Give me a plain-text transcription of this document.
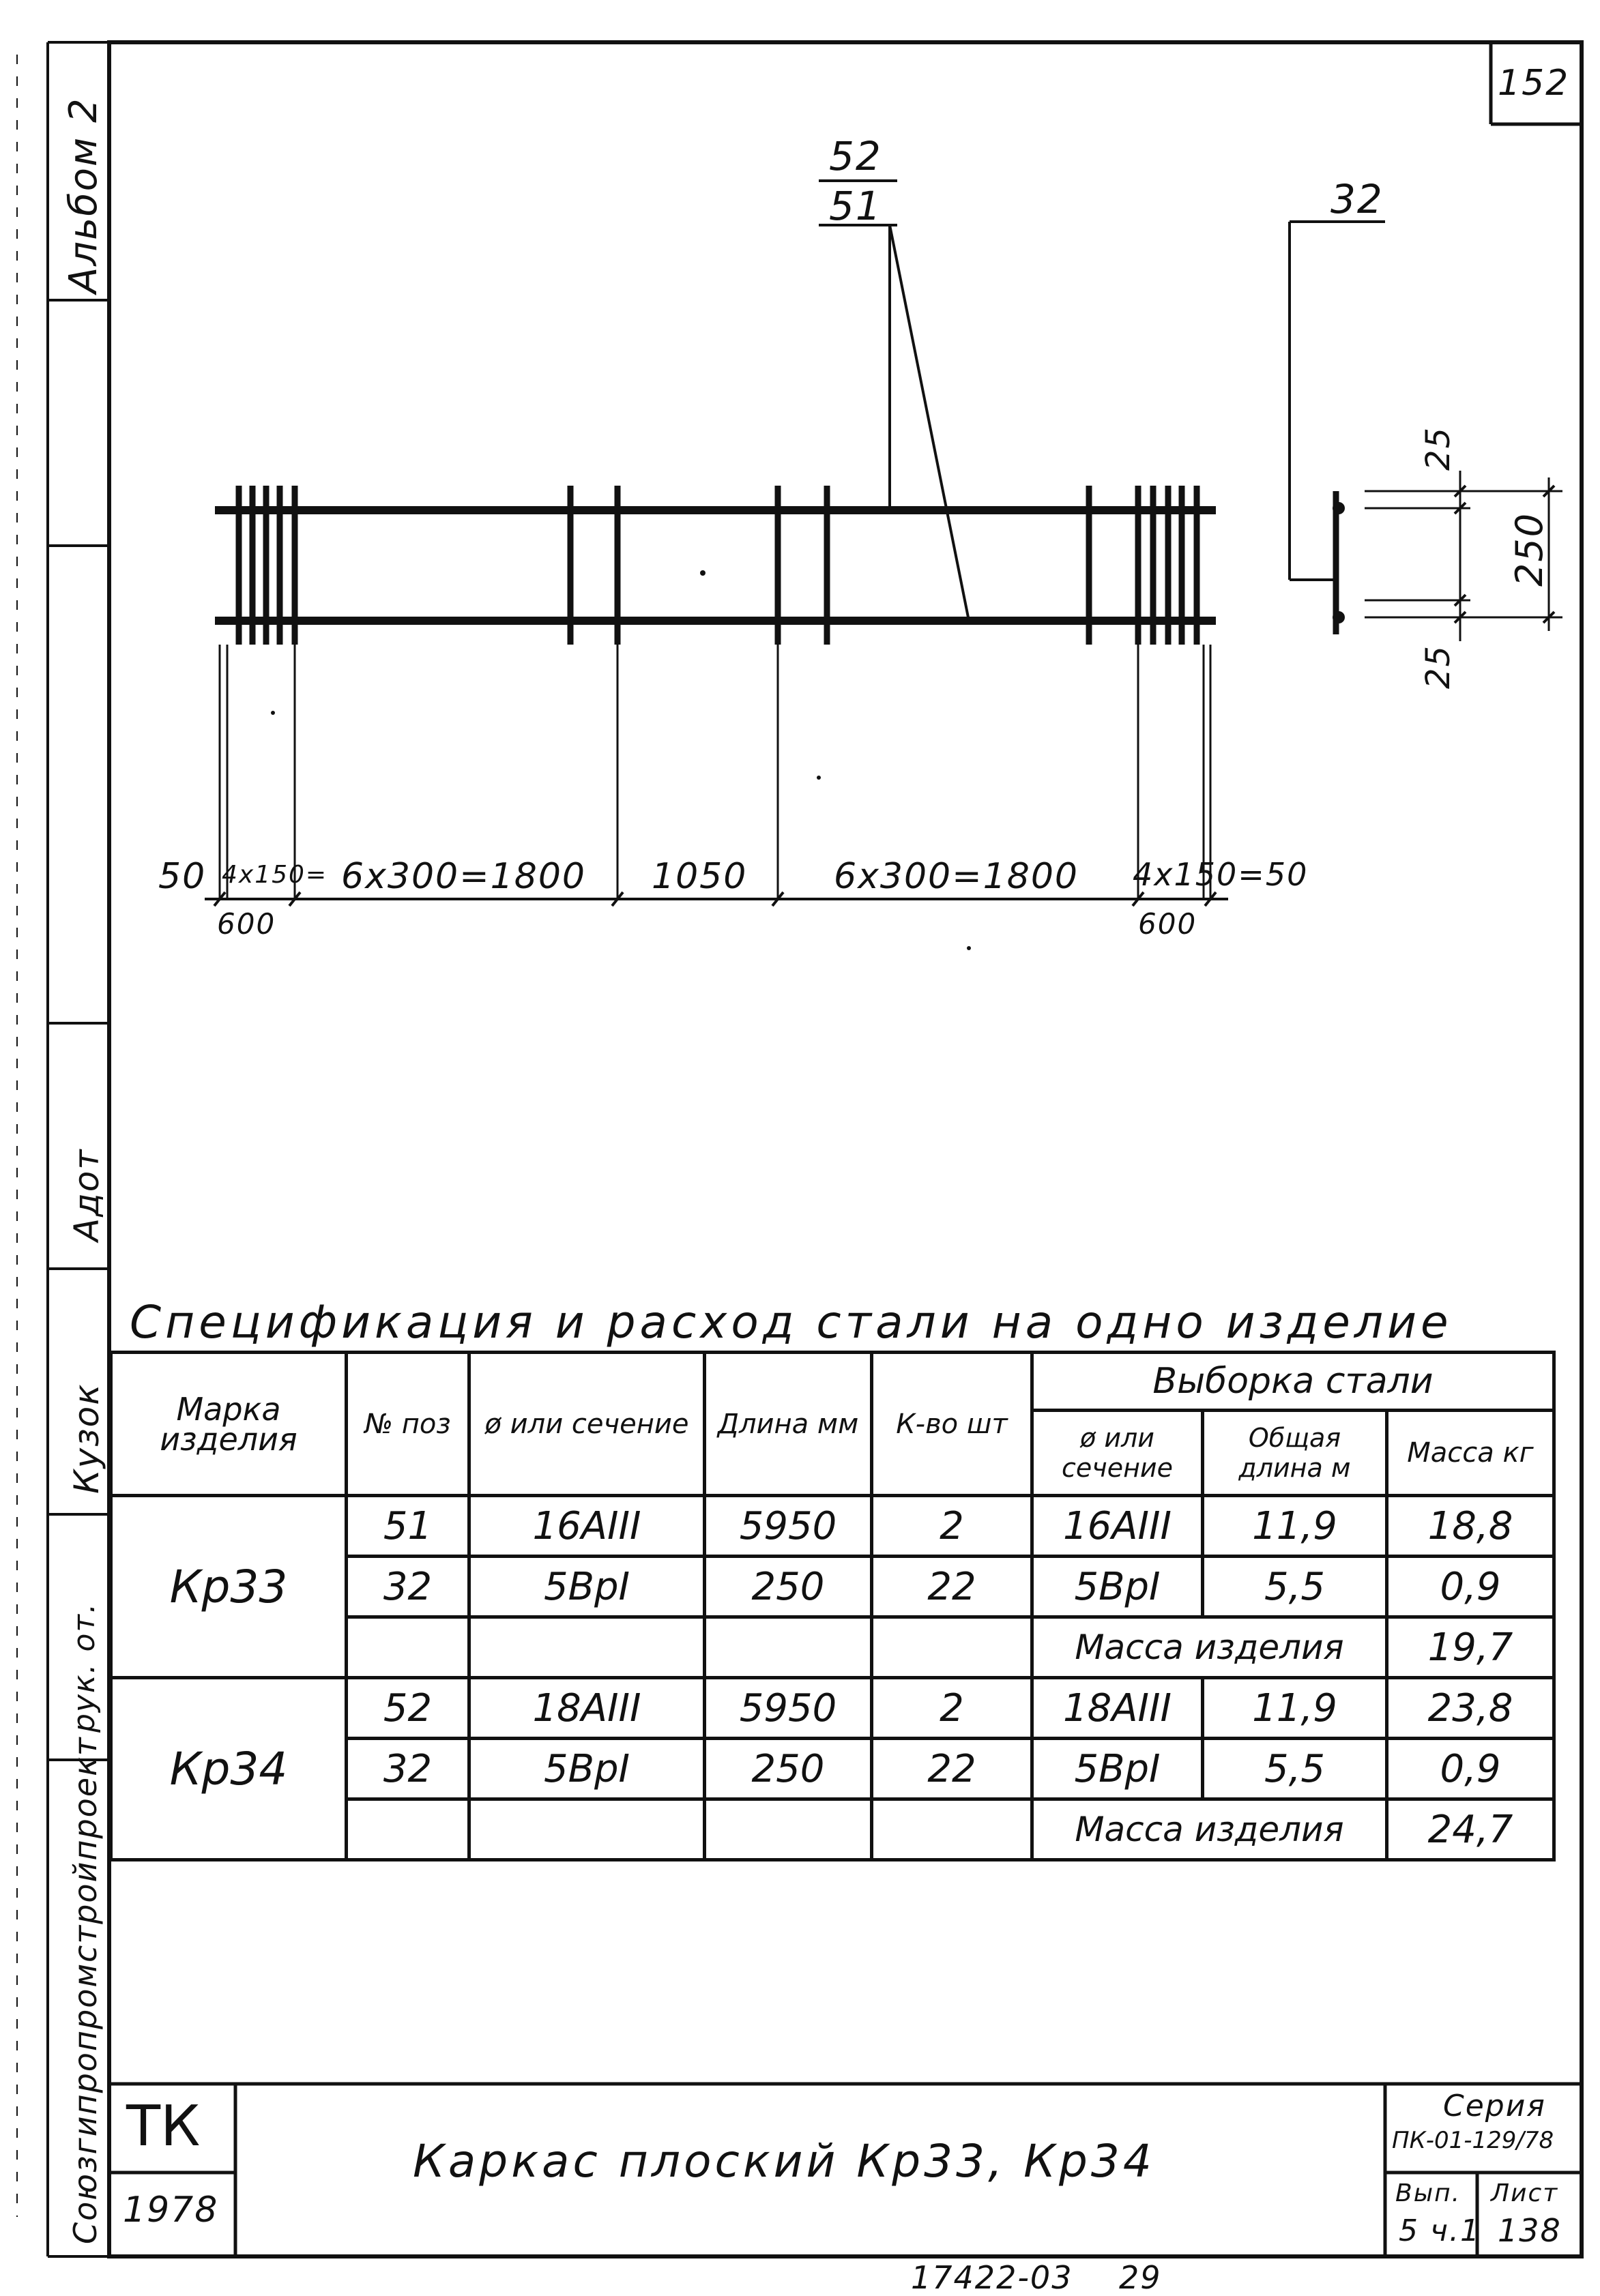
152
Альбом 2
Адот
Кузок
рук. от.
Союзгипропромстройпроект
52
51	32
25
250
25
50 4x150=
600
6x300=1800 1050 6x300=1800 4x150=50
600
Спецификация и расход стали на одно изделие
Марка изделия	№ поз	ø или сечение	Длина мм	К-во шт	Выборка стали		
					ø или сечение	Общая длина м	Масса кг
Кр33	51	16AIII	5950	2	16AIII	11,9	18,8
	32	5BpI	250	22	5BpI	5,5	0,9
					Масса изделия		19,7
Кр34	52	18AIII	5950	2	18AIII	11,9	23,8
	32	5BpI	250	22	5BpI	5,5	0,9
					Масса изделия		24,7
ТК
1978
Каркас плоский Кр33, Кр34
Серия
ПК-01-129/78
Вып.
5 ч.1
Лист
138
17422-03 29
